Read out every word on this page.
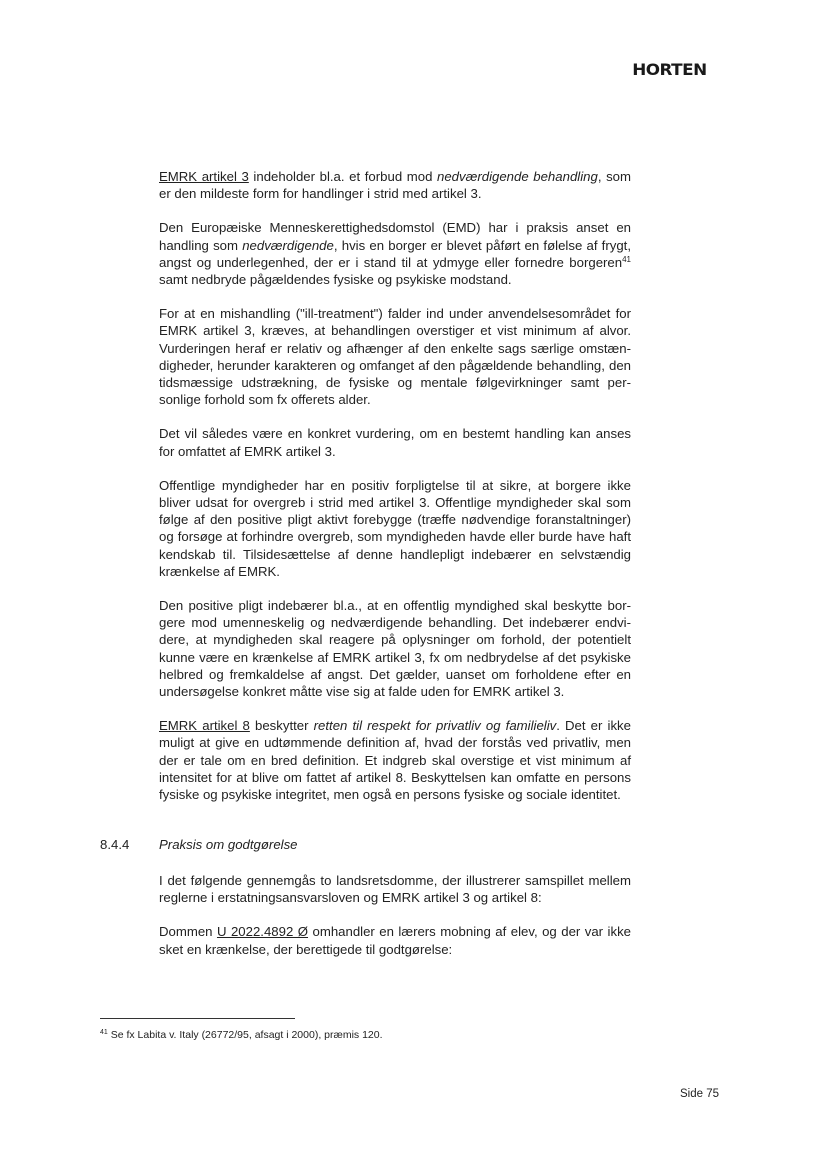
HORTEN

EMRK artikel 3 indeholder bl.a. et forbud mod nedværdigende behandling, som er den mildeste form for handlinger i strid med artikel 3.

Den Europæiske Menneskerettighedsdomstol (EMD) har i praksis anset en handling som nedværdigende, hvis en borger er blevet påført en følelse af frygt, angst og underlegenhed, der er i stand til at ydmyge eller fornedre borgeren$^{41}$ samt nedbryde pågældendes fysiske og psykiske modstand.

For at en mishandling ("ill-treatment") falder ind under anvendelsesområdet for EMRK artikel 3, kræves, at behandlingen overstiger et vist minimum af alvor. Vurderingen heraf er relativ og afhænger af den enkelte sags særlige omstændigheder, herunder karakteren og omfanget af den pågældende behandling, den tidsmæssige udstrækning, de fysiske og mentale følgevirkninger samt personlige forhold som fx offerets alder.

Det vil således være en konkret vurdering, om en bestemt handling kan anses for omfattet af EMRK artikel 3.

Offentlige myndigheder har en positiv forpligtelse til at sikre, at borgere ikke bliver udsat for overgreb i strid med artikel 3. Offentlige myndigheder skal som følge af den positive pligt aktivt forebygge (træffe nødvendige foranstaltninger) og forsøge at forhindre overgreb, som myndigheden havde eller burde have haft kendskab til. Tilsidesættelse af denne handlepligt indebærer en selvstændig krænkelse af EMRK.

Den positive pligt indebærer bl.a., at en offentlig myndighed skal beskytte borgere mod umenneskelig og nedværdigende behandling. Det indebærer endvidere, at myndigheden skal reagere på oplysninger om forhold, der potentielt kunne være en krænkelse af EMRK artikel 3, fx om nedbrydelse af det psykiske helbred og fremkaldelse af angst. Det gælder, uanset om forholdene efter en undersøgelse konkret måtte vise sig at falde uden for EMRK artikel 3.

EMRK artikel 8 beskytter retten til respekt for privatliv og familieliv. Det er ikke muligt at give en udtømmende definition af, hvad der forstås ved privatliv, men der er tale om en bred definition. Et indgreb skal overstige et vist minimum af intensitet for at blive om fattet af artikel 8. Beskyttelsen kan omfatte en persons fysiske og psykiske integritet, men også en persons fysiske og sociale identitet.

8.4.4 Praksis om godtgørelse

I det følgende gennemgås to landsretsdomme, der illustrerer samspillet mellem reglerne i erstatningsansvarsloven og EMRK artikel 3 og artikel 8:

Dommen U 2022.4892 Ø omhandler en lærers mobning af elev, og der var ikke sket en krænkelse, der berettigede til godtgørelse:

$^{41}$ Se fx Labita v. Italy (26772/95, afsagt i 2000), præmis 120.
Side 75
